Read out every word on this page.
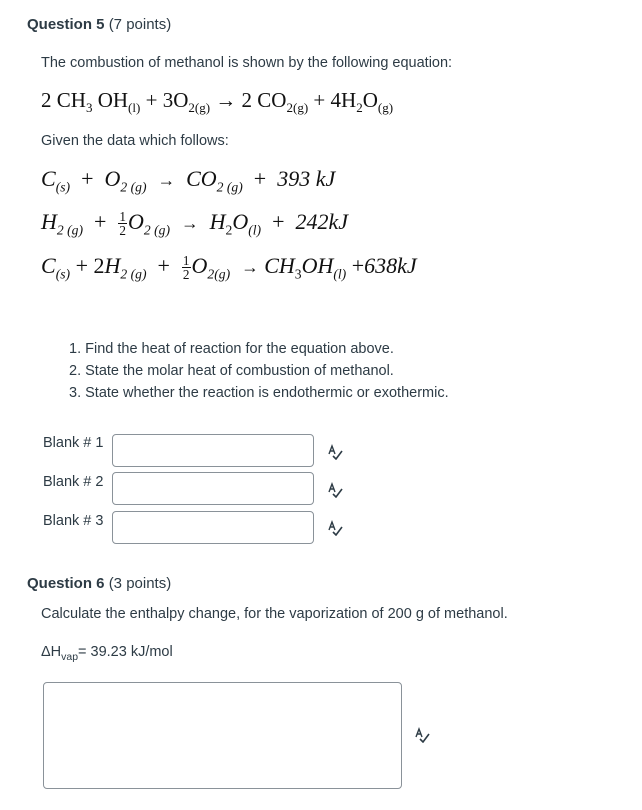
Question 5 (7 points)
The combustion of methanol is shown by the following equation:
2 $CH_3$ $OH_{(l)} + 3O_{2(g)} \to 2$ $CO_{2(g)} + 4H_2O_{(g)}$
Given the data which follows:
$C_{(s)} + O_{2 (g)} \to CO_{2 (g)} + 393$ kJ
$H_{2 (g)} + \frac{1}{2} O_{2 (g)} \to H_2O_{(l)} + 242kJ$
$C_{(s)} + 2H_{2 (g)} + \frac{1}{2} O_{2(g)} \to CH_3OH_{(l)} +638kJ$
1. Find the heat of reaction for the equation above.
2. State the molar heat of combustion of methanol.
3. State whether the reaction is endothermic or exothermic.
Blank # 1
Blank # 2
Blank # 3
Question 6 (3 points)
Calculate the enthalpy change, for the vaporization of 200 g of methanol.
$\Delta H_{vap}= 39.23$ kJ/mol
